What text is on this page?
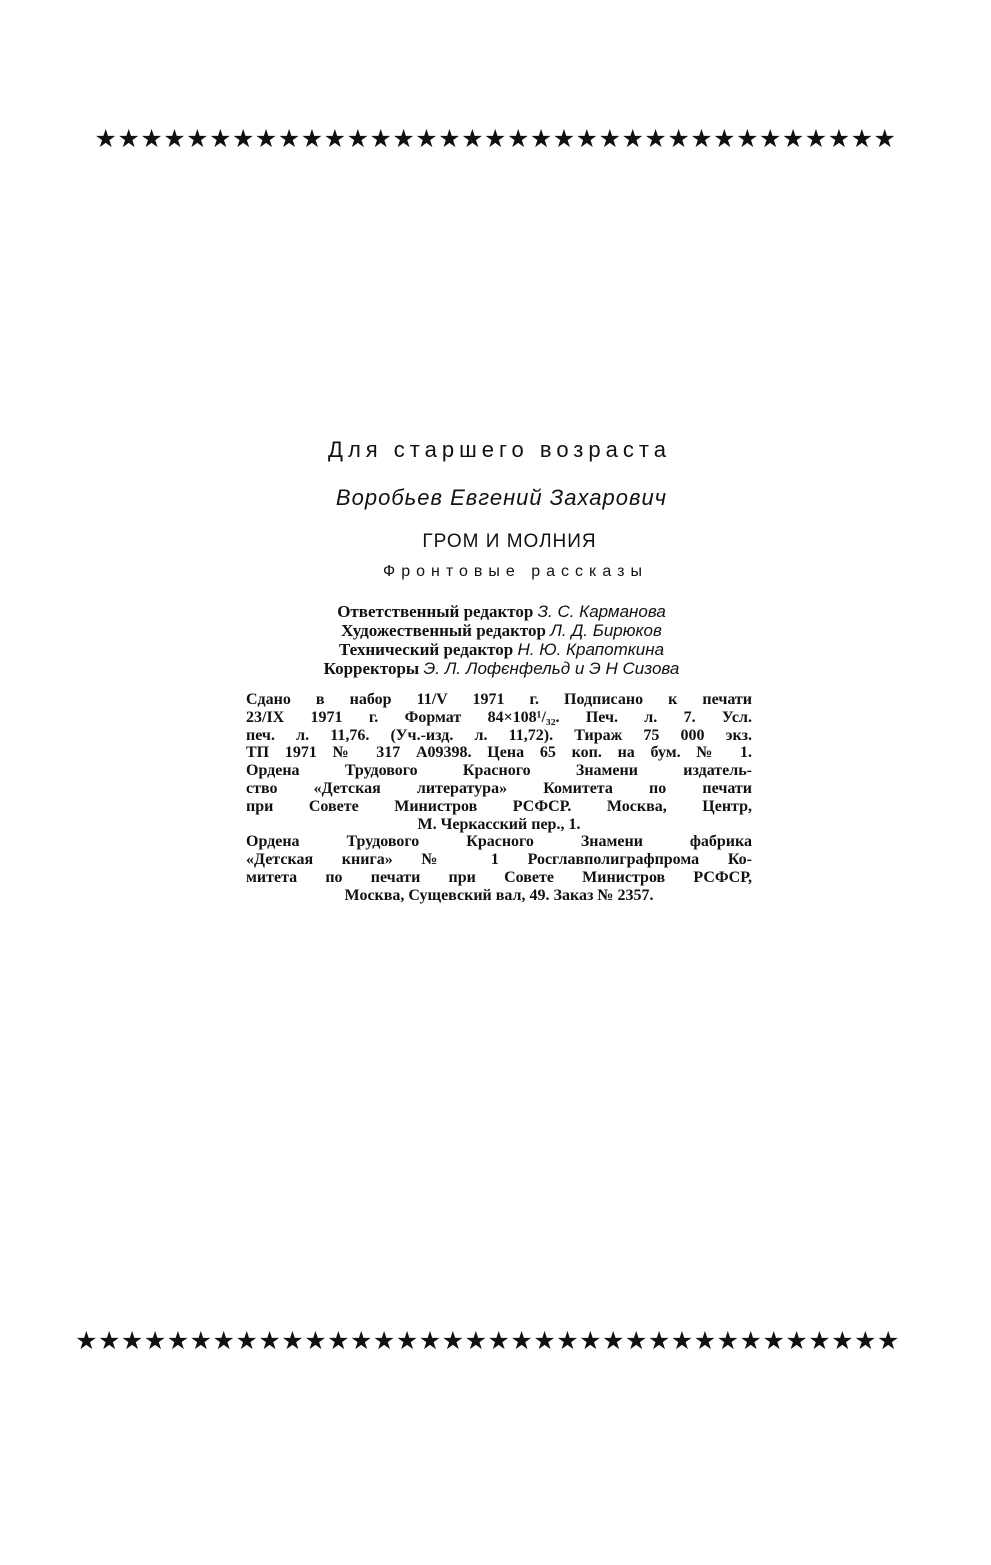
★★★★★★★★★★★★★★★★★★★★★★★★★★★★★★★★★★★
Для старшего возраста
Воробьев Евгений Захарович
ГРОМ И МОЛНИЯ
Фронтовые рассказы
Ответственный редактор З. С. Карманова
Художественный редактор Л. Д. Бирюков
Технический редактор Н. Ю. Крапоткина
Корректоры Э. Л. Лофєнфельд и Э Н Сизова
Сдано в набор 11/V 1971 г. Подписано к печати
23/IX 1971 г. Формат 84×108¹/₃₂. Печ. л. 7. Усл.
печ. л. 11,76. (Уч.-изд. л. 11,72). Тираж 75 000 экз.
ТП 1971 № 317 А09398. Цена 65 коп. на бум. № 1.
Ордена Трудового Красного Знамени издатель-
ство «Детская литература» Комитета по печати
при Совете Министров РСФСР. Москва, Центр,
М. Черкасский пер., 1.
Ордена Трудового Красного Знамени фабрика
«Детская книга» № 1 Росглавполиграфпрома Ко-
митета по печати при Совете Министров РСФСР,
Москва, Сущевский вал, 49. Заказ № 2357.
★★★★★★★★★★★★★★★★★★★★★★★★★★★★★★★★★★★★
